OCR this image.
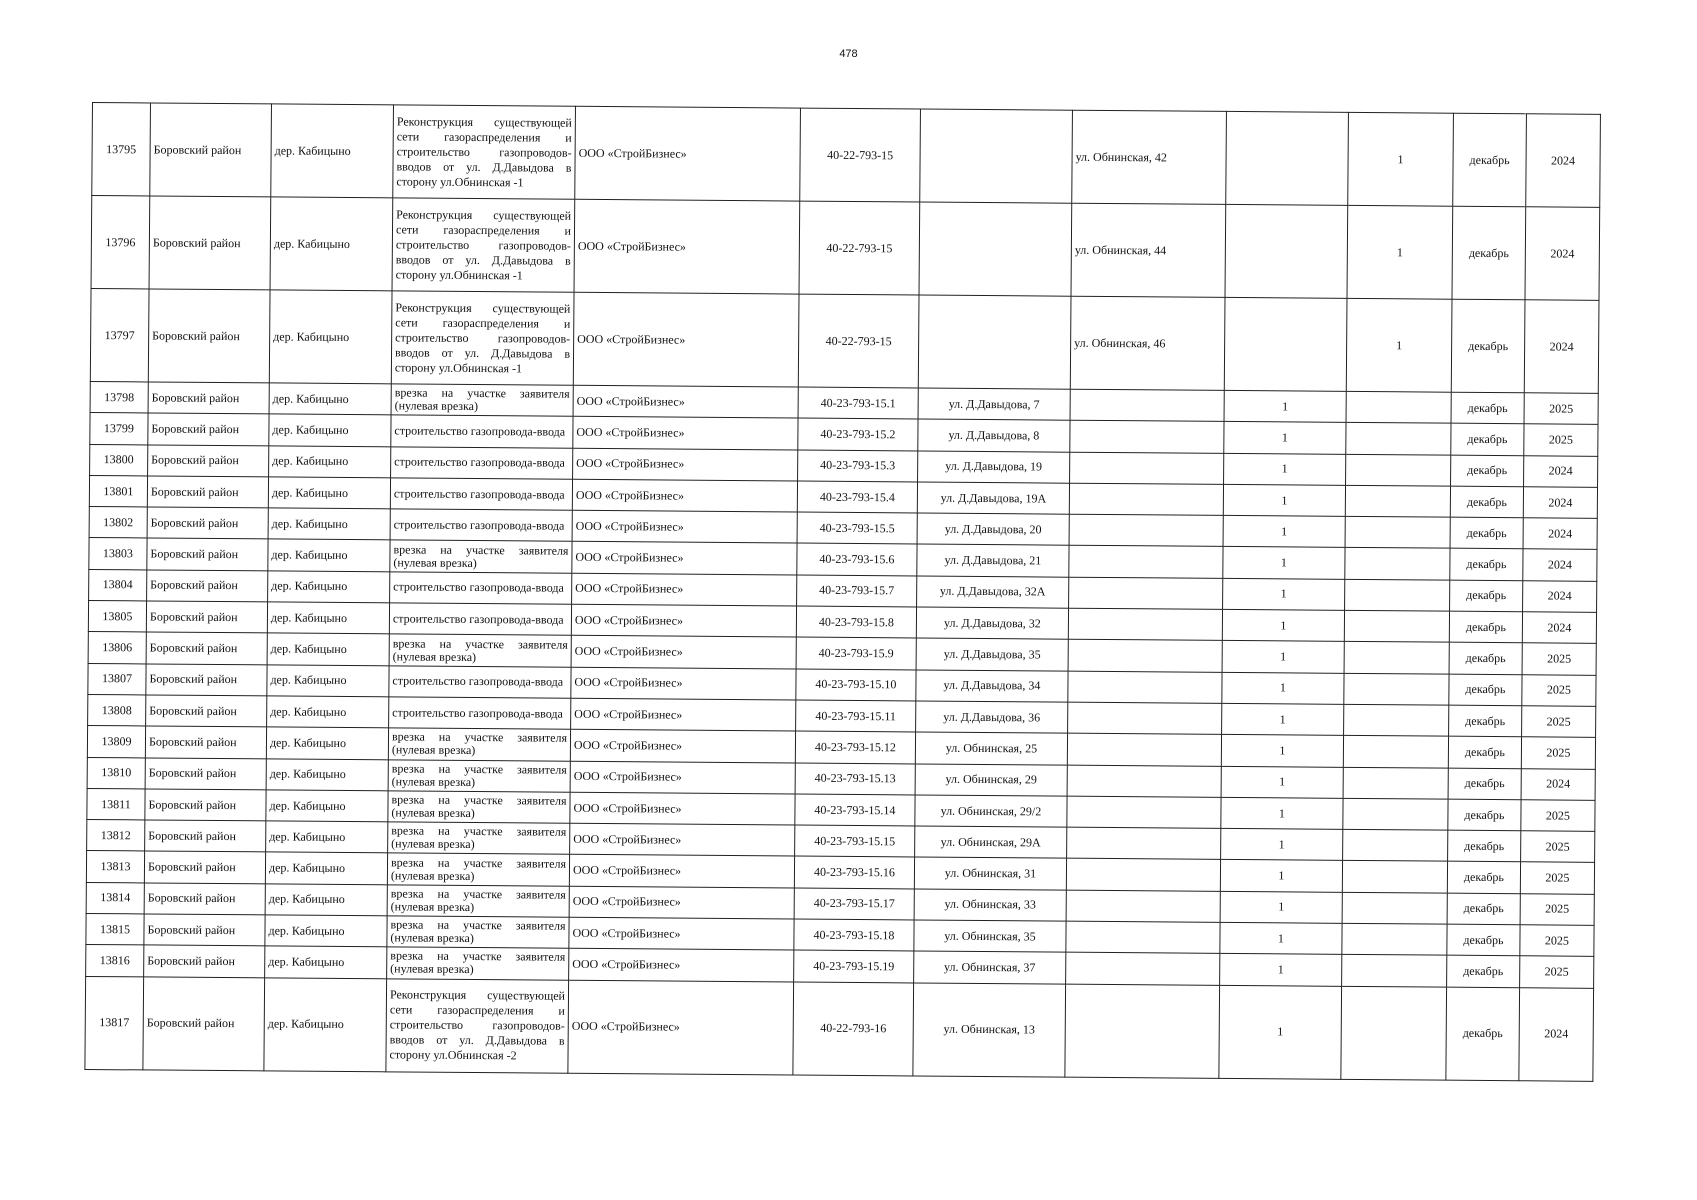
478
13795	Боровский район	дер. Кабицыно	Реконструкция существующей сети газораспределения и строительство газопроводов-вводов от ул. Д.Давыдова в сторону ул.Обнинская -1	ООО «СтройБизнес»	40-22-793-15		ул. Обнинская, 42		1	декабрь	2024
13796	Боровский район	дер. Кабицыно	Реконструкция существующей сети газораспределения и строительство газопроводов-вводов от ул. Д.Давыдова в сторону ул.Обнинская -1	ООО «СтройБизнес»	40-22-793-15		ул. Обнинская, 44		1	декабрь	2024
13797	Боровский район	дер. Кабицыно	Реконструкция существующей сети газораспределения и строительство газопроводов-вводов от ул. Д.Давыдова в сторону ул.Обнинская -1	ООО «СтройБизнес»	40-22-793-15		ул. Обнинская, 46		1	декабрь	2024
13798	Боровский район	дер. Кабицыно	врезка на участке заявителя (нулевая врезка)	ООО «СтройБизнес»	40-23-793-15.1	ул. Д.Давыдова, 7		1		декабрь	2025
13799	Боровский район	дер. Кабицыно	строительство газопровода-ввода	ООО «СтройБизнес»	40-23-793-15.2	ул. Д.Давыдова, 8		1		декабрь	2025
13800	Боровский район	дер. Кабицыно	строительство газопровода-ввода	ООО «СтройБизнес»	40-23-793-15.3	ул. Д.Давыдова, 19		1		декабрь	2024
13801	Боровский район	дер. Кабицыно	строительство газопровода-ввода	ООО «СтройБизнес»	40-23-793-15.4	ул. Д.Давыдова, 19А		1		декабрь	2024
13802	Боровский район	дер. Кабицыно	строительство газопровода-ввода	ООО «СтройБизнес»	40-23-793-15.5	ул. Д.Давыдова, 20		1		декабрь	2024
13803	Боровский район	дер. Кабицыно	врезка на участке заявителя (нулевая врезка)	ООО «СтройБизнес»	40-23-793-15.6	ул. Д.Давыдова, 21		1		декабрь	2024
13804	Боровский район	дер. Кабицыно	строительство газопровода-ввода	ООО «СтройБизнес»	40-23-793-15.7	ул. Д.Давыдова, 32А		1		декабрь	2024
13805	Боровский район	дер. Кабицыно	строительство газопровода-ввода	ООО «СтройБизнес»	40-23-793-15.8	ул. Д.Давыдова, 32		1		декабрь	2024
13806	Боровский район	дер. Кабицыно	врезка на участке заявителя (нулевая врезка)	ООО «СтройБизнес»	40-23-793-15.9	ул. Д.Давыдова, 35		1		декабрь	2025
13807	Боровский район	дер. Кабицыно	строительство газопровода-ввода	ООО «СтройБизнес»	40-23-793-15.10	ул. Д.Давыдова, 34		1		декабрь	2025
13808	Боровский район	дер. Кабицыно	строительство газопровода-ввода	ООО «СтройБизнес»	40-23-793-15.11	ул. Д.Давыдова, 36		1		декабрь	2025
13809	Боровский район	дер. Кабицыно	врезка на участке заявителя (нулевая врезка)	ООО «СтройБизнес»	40-23-793-15.12	ул. Обнинская, 25		1		декабрь	2025
13810	Боровский район	дер. Кабицыно	врезка на участке заявителя (нулевая врезка)	ООО «СтройБизнес»	40-23-793-15.13	ул. Обнинская, 29		1		декабрь	2024
13811	Боровский район	дер. Кабицыно	врезка на участке заявителя (нулевая врезка)	ООО «СтройБизнес»	40-23-793-15.14	ул. Обнинская, 29/2		1		декабрь	2025
13812	Боровский район	дер. Кабицыно	врезка на участке заявителя (нулевая врезка)	ООО «СтройБизнес»	40-23-793-15.15	ул. Обнинская, 29А		1		декабрь	2025
13813	Боровский район	дер. Кабицыно	врезка на участке заявителя (нулевая врезка)	ООО «СтройБизнес»	40-23-793-15.16	ул. Обнинская, 31		1		декабрь	2025
13814	Боровский район	дер. Кабицыно	врезка на участке заявителя (нулевая врезка)	ООО «СтройБизнес»	40-23-793-15.17	ул. Обнинская, 33		1		декабрь	2025
13815	Боровский район	дер. Кабицыно	врезка на участке заявителя (нулевая врезка)	ООО «СтройБизнес»	40-23-793-15.18	ул. Обнинская, 35		1		декабрь	2025
13816	Боровский район	дер. Кабицыно	врезка на участке заявителя (нулевая врезка)	ООО «СтройБизнес»	40-23-793-15.19	ул. Обнинская, 37		1		декабрь	2025
13817	Боровский район	дер. Кабицыно	Реконструкция существующей сети газораспределения и строительство газопроводов-вводов от ул. Д.Давыдова в сторону ул.Обнинская -2	ООО «СтройБизнес»	40-22-793-16	ул. Обнинская, 13		1		декабрь	2024
